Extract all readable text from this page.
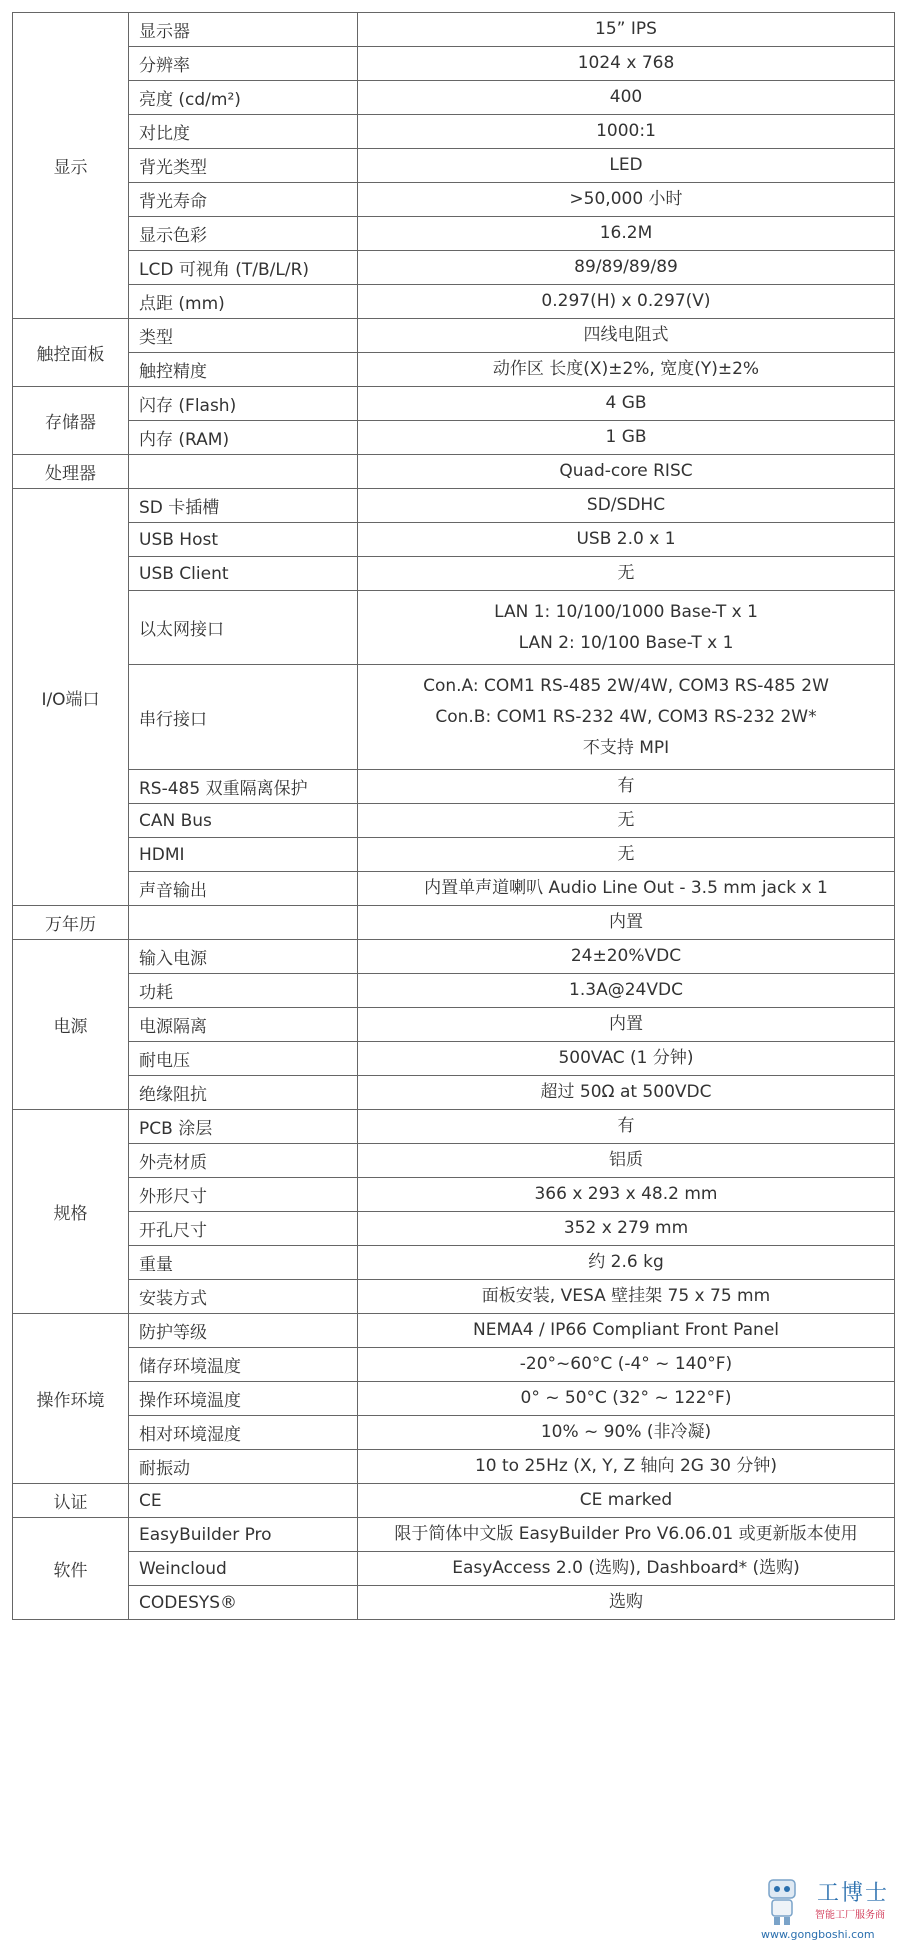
显示	显示器	15” IPS

	分辨率	1024 x 768

	亮度 (cd/m²)	400

	对比度	1000:1

	背光类型	LED

	背光寿命	>50,000 小时

	显示色彩	16.2M

	LCD 可视角 (T/B/L/R)	89/89/89/89

	点距 (mm)	0.297(H) x 0.297(V)

触控面板	类型	四线电阻式

	触控精度	动作区 长度(X)±2%, 宽度(Y)±2%

存储器	闪存 (Flash)	4 GB

	内存 (RAM)	1 GB

处理器		Quad-core RISC

I/O端口	SD 卡插槽	SD/SDHC

	USB Host	USB 2.0 x 1

	USB Client	无

	以太网接口	LAN 1: 10/100/1000 Base-T x 1
LAN 2: 10/100 Base-T x 1

	串行接口	Con.A: COM1 RS-485 2W/4W, COM3 RS-485 2W
Con.B: COM1 RS-232 4W, COM3 RS-232 2W*
不支持 MPI

	RS-485 双重隔离保护	有

	CAN Bus	无

	HDMI	无

	声音输出	内置单声道喇叭 Audio Line Out - 3.5 mm jack x 1

万年历		内置

电源	输入电源	24±20%VDC

	功耗	1.3A@24VDC

	电源隔离	内置

	耐电压	500VAC (1 分钟)

	绝缘阻抗	超过 50Ω at 500VDC

规格	PCB 涂层	有

	外壳材质	铝质

	外形尺寸	366 x 293 x 48.2 mm

	开孔尺寸	352 x 279 mm

	重量	约 2.6 kg

	安装方式	面板安装, VESA 壁挂架 75 x 75 mm

操作环境	防护等级	NEMA4 / IP66 Compliant Front Panel

	储存环境温度	-20°~60°C (-4° ~ 140°F)

	操作环境温度	0° ~ 50°C (32° ~ 122°F)

	相对环境湿度	10% ~ 90% (非冷凝)

	耐振动	10 to 25Hz (X, Y, Z 轴向 2G 30 分钟)

认证	CE	CE marked

软件	EasyBuilder Pro	限于简体中文版 EasyBuilder Pro V6.06.01 或更新版本使用

	Weincloud	EasyAccess 2.0 (选购), Dashboard* (选购)

	CODESYS®	选购
工博士
智能工厂服务商
www.gongboshi.com
